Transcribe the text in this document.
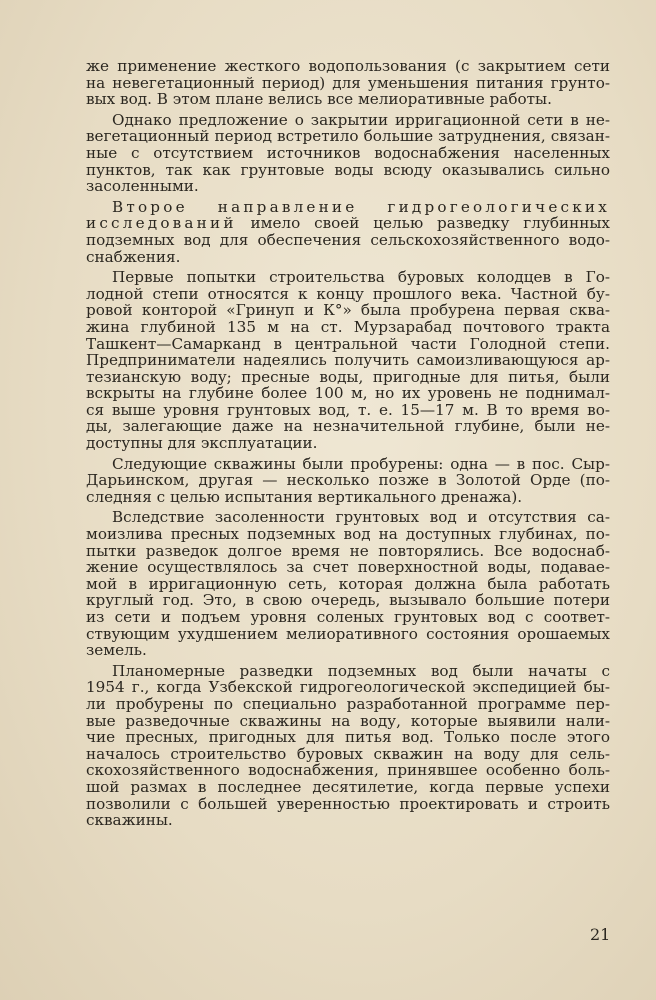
же применение жесткого водопользования (с закрытием сети
на невегетационный период) для уменьшения питания грунто-
вых вод. В этом плане велись все мелиоративные работы.
Однако предложение о закрытии ирригационной сети в не-
вегетационный период встретило большие затруднения, связан-
ные с отсутствием источников водоснабжения населенных
пунктов, так как грунтовые воды всюду оказывались сильно
засоленными.
Второе направление гидрогеологических
исследований имело своей целью разведку глубинных
подземных вод для обеспечения сельскохозяйственного водо-
снабжения.
Первые попытки строительства буровых колодцев в Го-
лодной степи относятся к концу прошлого века. Частной бу-
ровой конторой «Гринуп и К°» была пробурена первая сква-
жина глубиной 135 м на ст. Мурзарабад почтового тракта
Ташкент—Самарканд в центральной части Голодной степи.
Предприниматели надеялись получить самоизливающуюся ар-
тезианскую воду; пресные воды, пригодные для питья, были
вскрыты на глубине более 100 м, но их уровень не поднимал-
ся выше уровня грунтовых вод, т. е. 15—17 м. В то время во-
ды, залегающие даже на незначительной глубине, были не-
доступны для эксплуатации.
Следующие скважины были пробурены: одна — в пос. Сыр-
Дарьинском, другая — несколько позже в Золотой Орде (по-
следняя с целью испытания вертикального дренажа).
Вследствие засоленности грунтовых вод и отсутствия са-
моизлива пресных подземных вод на доступных глубинах, по-
пытки разведок долгое время не повторялись. Все водоснаб-
жение осуществлялось за счет поверхностной воды, подавае-
мой в ирригационную сеть, которая должна была работать
круглый год. Это, в свою очередь, вызывало большие потери
из сети и подъем уровня соленых грунтовых вод с соответ-
ствующим ухудшением мелиоративного состояния орошаемых
земель.
Планомерные разведки подземных вод были начаты с
1954 г., когда Узбекской гидрогеологической экспедицией бы-
ли пробурены по специально разработанной программе пер-
вые разведочные скважины на воду, которые выявили нали-
чие пресных, пригодных для питья вод. Только после этого
началось строительство буровых скважин на воду для сель-
скохозяйственного водоснабжения, принявшее особенно боль-
шой размах в последнее десятилетие, когда первые успехи
позволили с большей уверенностью проектировать и строить
скважины.
21
